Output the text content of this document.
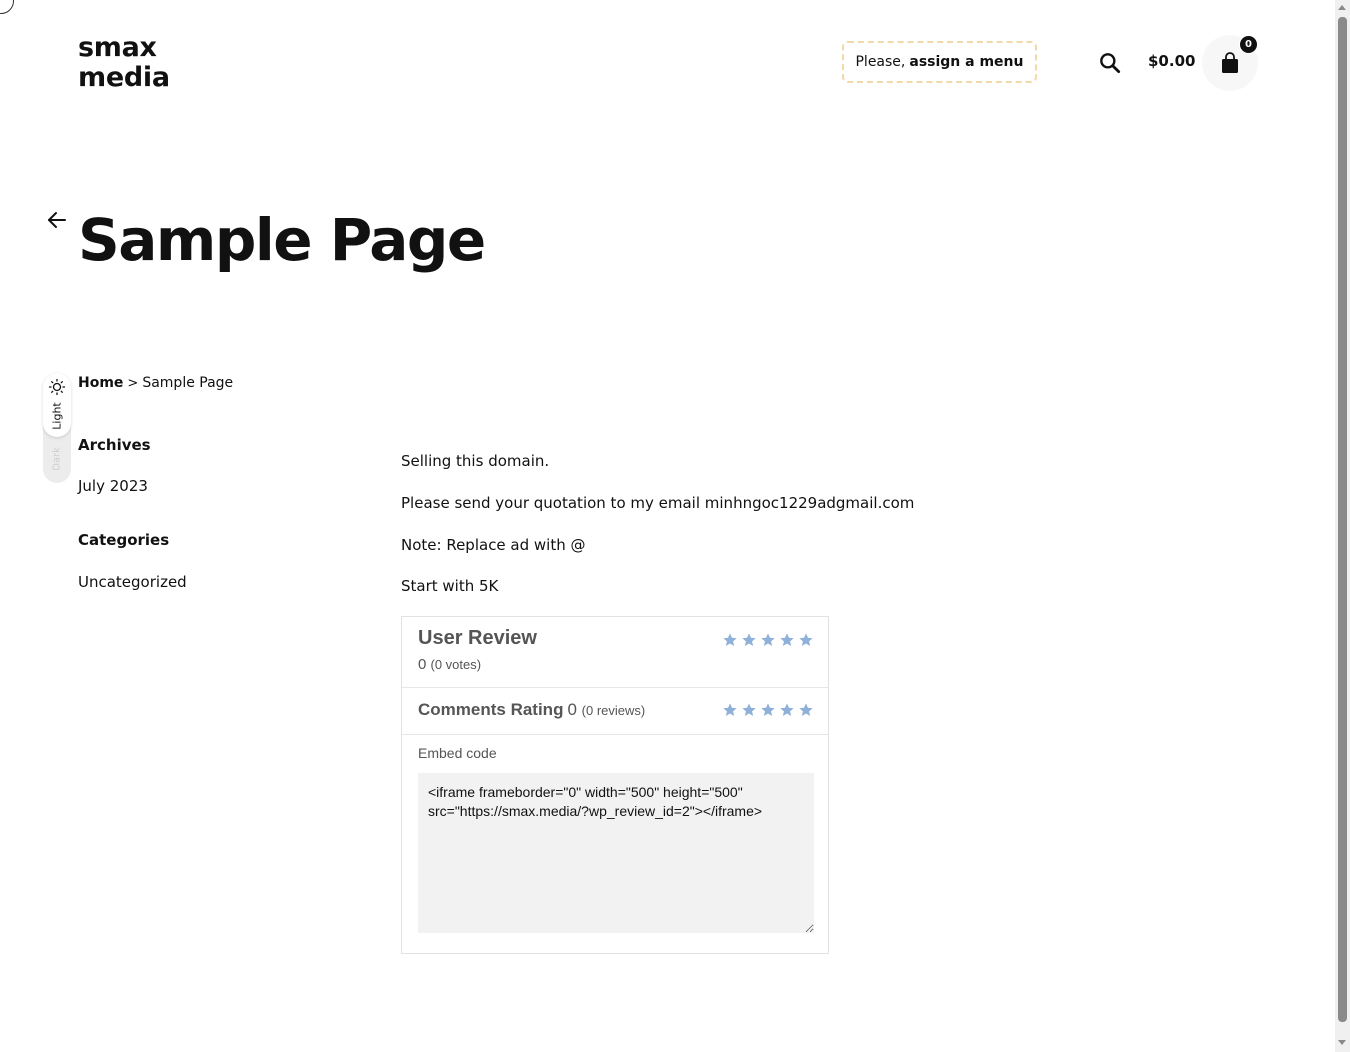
smax
media	Please, assign a menu	$0.00
0
Sample Page
Light
Dark
Home > Sample Page
Archives
July 2023
Categories
Uncategorized

Selling this domain.

Please send your quotation to my email minhngoc1229adgmail.com

Note: Replace ad with @

Start with 5K

User Review
0 (0 votes)
Comments Rating 0 (0 reviews)
Embed code
<iframe frameborder="0" width="500" height="500" src="https://smax.media/?wp_review_id=2"></iframe>
